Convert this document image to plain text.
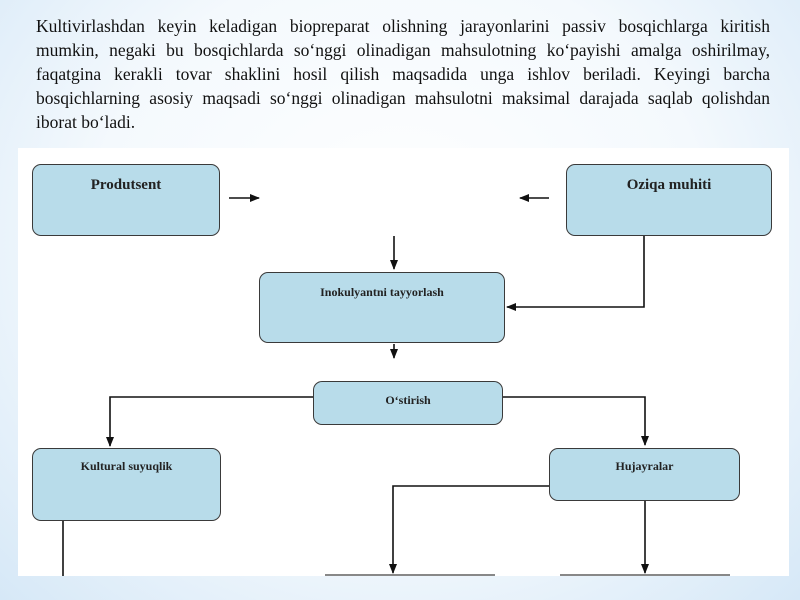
Kultivirlashdan keyin keladigan biopreparat olishning jarayonlarini passiv bosqichlarga kiritish mumkin, negaki bu bosqichlarda so‘nggi olinadigan mahsulotning ko‘payishi amalga oshirilmay, faqatgina kerakli tovar shaklini hosil qilish maqsadida unga ishlov beriladi. Keyingi barcha bosqichlarning asosiy maqsadi so‘nggi olinadigan mahsulotni maksimal darajada saqlab qolishdan iborat bo‘ladi.

Produtsent	Oziqa muhiti
Inokulyantni tayyorlash
O‘stirish
Kultural suyuqlik	Hujayralar
